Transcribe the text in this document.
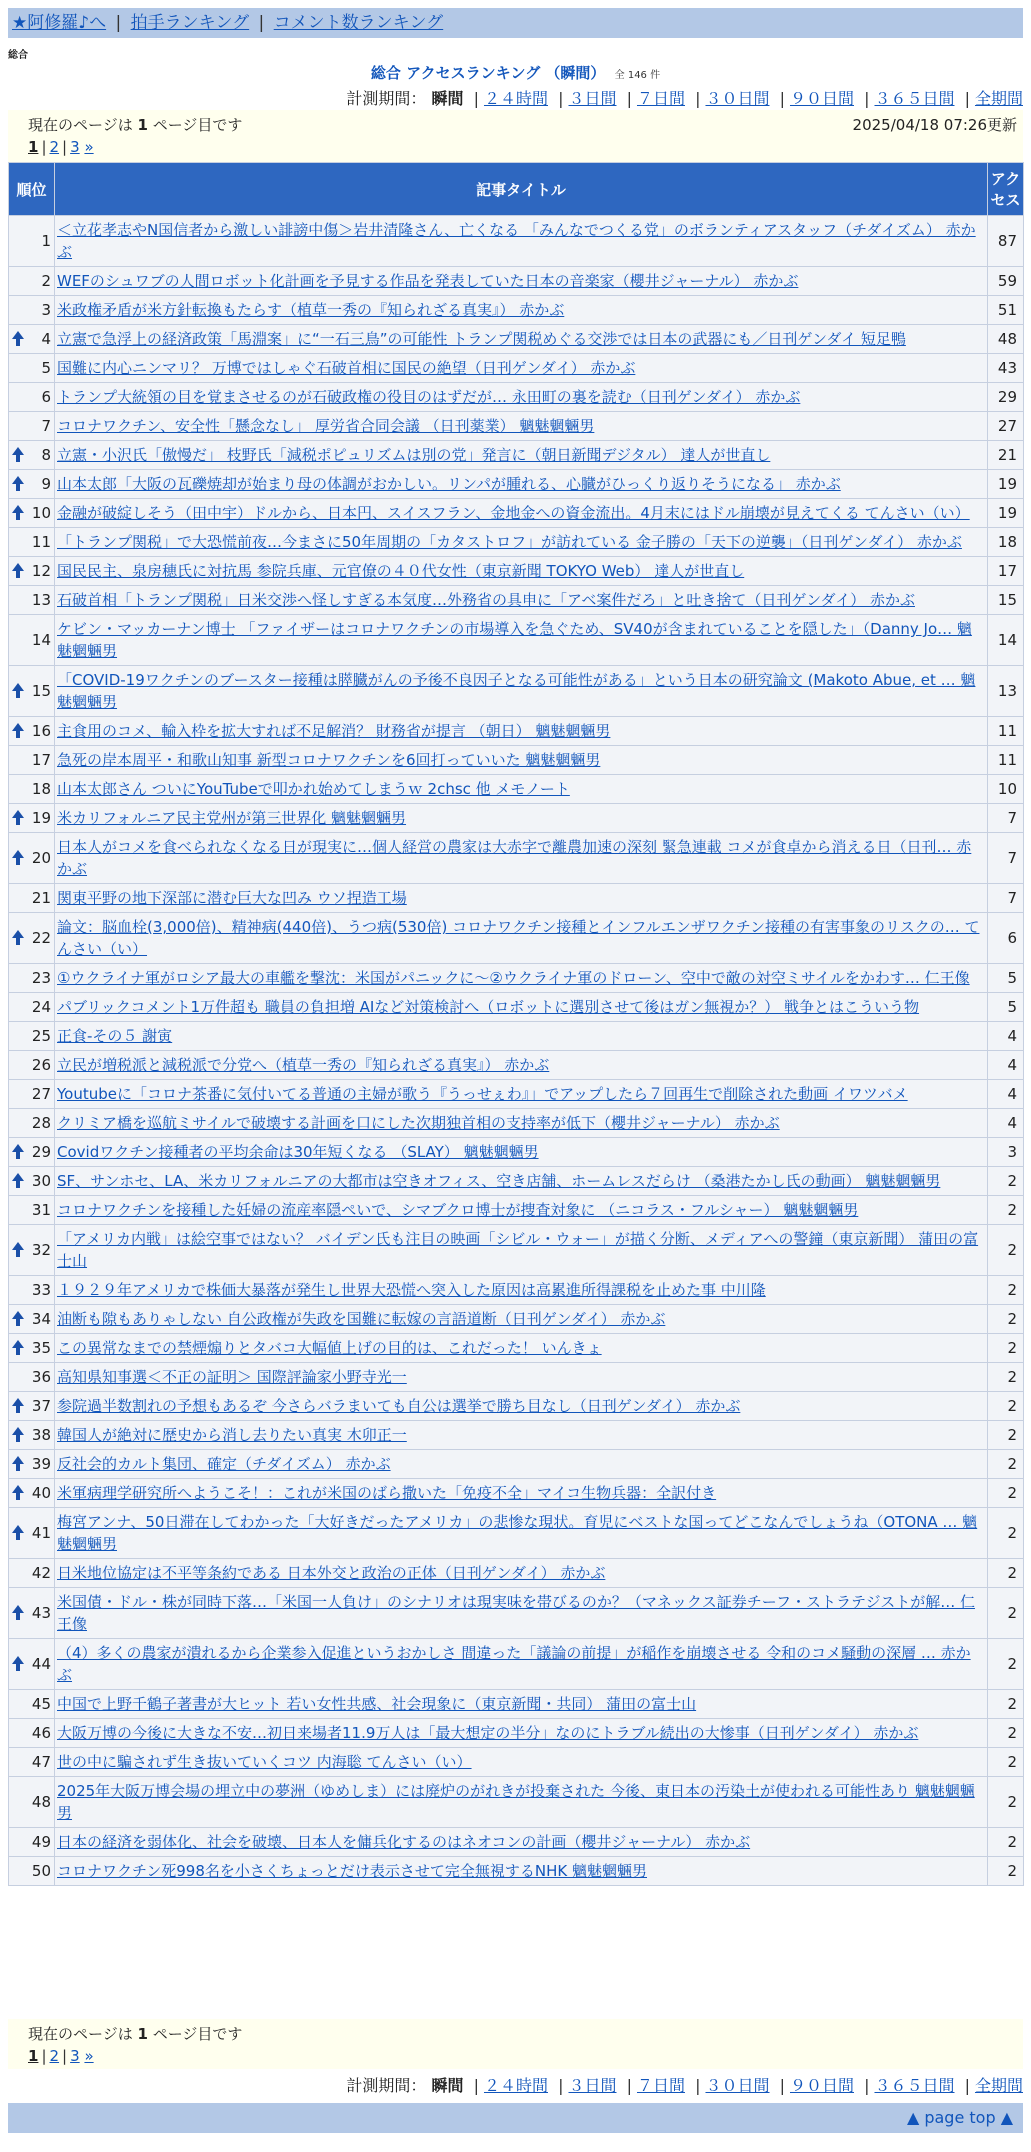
★阿修羅♪へ | 拍手ランキング | コメント数ランキング
総合
総合 アクセスランキング （瞬間） 全 146 件
計測期間： 瞬間 | ２４時間 | ３日間 | ７日間 | ３０日間 | ９０日間 | ３６５日間 | 全期間
現在のページは 1 ページ目です
1 | 2 | 3 »
2025/04/18 07:26更新
順位	記事タイトル	アクセス
1	＜立花孝志やN国信者から激しい誹謗中傷＞岩井清隆さん、亡くなる 「みんなでつくる党」のボランティアスタッフ（チダイズム） 赤かぶ	87
2	WEFのシュワブの人間ロボット化計画を予見する作品を発表していた日本の音楽家（櫻井ジャーナル） 赤かぶ	59
3	米政権矛盾が米方針転換もたらす（植草一秀の『知られざる真実』） 赤かぶ	51

4	立憲で急浮上の経済政策「馬淵案」に“一石三鳥”の可能性 トランプ関税めぐる交渉では日本の武器にも／日刊ゲンダイ 短足鴨	48
5	国難に内心ニンマリ？ 万博ではしゃぐ石破首相に国民の絶望（日刊ゲンダイ） 赤かぶ	43
6	トランプ大統領の目を覚まさせるのが石破政権の役目のはずだが… 永田町の裏を読む（日刊ゲンダイ） 赤かぶ	29
7	コロナワクチン、安全性「懸念なし」 厚労省合同会議 （日刊薬業） 魑魅魍魎男	27

8	立憲・小沢氏「傲慢だ」 枝野氏「減税ポピュリズムは別の党」発言に（朝日新聞デジタル） 達人が世直し	21

9	山本太郎「大阪の瓦礫焼却が始まり母の体調がおかしい。リンパが腫れる、心臓がひっくり返りそうになる」 赤かぶ	19

10	金融が破綻しそう（田中宇）ドルから、日本円、スイスフラン、金地金への資金流出。4月末にはドル崩壊が見えてくる てんさい（い）	19
11	「トランプ関税」で大恐慌前夜…今まさに50年周期の「カタストロフ」が訪れている 金子勝の「天下の逆襲」（日刊ゲンダイ） 赤かぶ	18

12	国民民主、泉房穂氏に対抗馬 参院兵庫、元官僚の４０代女性（東京新聞 TOKYO Web） 達人が世直し	17
13	石破首相「トランプ関税」日米交渉へ怪しすぎる本気度…外務省の具申に「アベ案件だろ」と吐き捨て（日刊ゲンダイ） 赤かぶ	15
14	ケビン・マッカーナン博士 「ファイザーはコロナワクチンの市場導入を急ぐため、SV40が含まれていることを隠した」（Danny Jo… 魑魅魍魎男	14

15	「COVID-19ワクチンのブースター接種は膵臓がんの予後不良因子となる可能性がある」という日本の研究論文 (Makoto Abue, et … 魑魅魍魎男	13

16	主食用のコメ、輸入枠を拡大すれば不足解消？ 財務省が提言 （朝日） 魑魅魍魎男	11
17	急死の岸本周平・和歌山知事 新型コロナワクチンを6回打っていいた 魑魅魍魎男	11
18	山本太郎さん ついにYouTubeで叩かれ始めてしまうｗ 2chsc 他 メモノート	10

19	米カリフォルニア民主党州が第三世界化 魑魅魍魎男	7

20	日本人がコメを食べられなくなる日が現実に…個人経営の農家は大赤字で離農加速の深刻 緊急連載 コメが食卓から消える日（日刊… 赤かぶ	7
21	関東平野の地下深部に潜む巨大な凹み ウソ捏造工場	7

22	論文：脳血栓(3,000倍)、精神病(440倍)、うつ病(530倍) コロナワクチン接種とインフルエンザワクチン接種の有害事象のリスクの… てんさい（い）	6
23	①ウクライナ軍がロシア最大の車艦を撃沈：米国がパニックに～②ウクライナ軍のドローン、空中で敵の対空ミサイルをかわす… 仁王像	5
24	パブリックコメント1万件超も 職員の負担増 AIなど対策検討へ（ロボットに選別させて後はガン無視か？） 戦争とはこういう物	5
25	正食-その５ 謝寅	4
26	立民が増税派と減税派で分党へ（植草一秀の『知られざる真実』） 赤かぶ	4
27	Youtubeに「コロナ茶番に気付いてる普通の主婦が歌う『うっせぇわ』」でアップしたら７回再生で削除された動画 イワツバメ	4
28	クリミア橋を巡航ミサイルで破壊する計画を口にした次期独首相の支持率が低下（櫻井ジャーナル） 赤かぶ	4

29	Covidワクチン接種者の平均余命は30年短くなる （SLAY） 魑魅魍魎男	3

30	SF、サンホセ、LA、米カリフォルニアの大都市は空きオフィス、空き店舗、ホームレスだらけ （桑港たかし氏の動画） 魑魅魍魎男	2
31	コロナワクチンを接種した妊婦の流産率隠ぺいで、シマブクロ博士が捜査対象に （ニコラス・フルシャー） 魑魅魍魎男	2

32	「アメリカ内戦」は絵空事ではない？ バイデン氏も注目の映画「シビル・ウォー」が描く分断、メディアへの警鐘（東京新聞） 蒲田の富士山	2
33	１９２９年アメリカで株価大暴落が発生し世界大恐慌へ突入した原因は高累進所得課税を止めた事 中川隆	2

34	油断も隙もありゃしない 自公政権が失政を国難に転嫁の言語道断（日刊ゲンダイ） 赤かぶ	2

35	この異常なまでの禁煙煽りとタバコ大幅値上げの目的は、これだった！ いんきょ	2
36	高知県知事選＜不正の証明＞ 国際評論家小野寺光一	2

37	参院過半数割れの予想もあるぞ 今さらバラまいても自公は選挙で勝ち目なし（日刊ゲンダイ） 赤かぶ	2

38	韓国人が絶対に歴史から消し去りたい真実 木卯正一	2

39	反社会的カルト集団、確定（チダイズム） 赤かぶ	2

40	米軍病理学研究所へようこそ！：これが米国のばら撒いた「免疫不全」マイコ生物兵器：全訳付き	2

41	梅宮アンナ、50日滞在してわかった「大好きだったアメリカ」の悲惨な現状。育児にベストな国ってどこなんでしょうね（OTONA … 魑魅魍魎男	2
42	日米地位協定は不平等条約である 日本外交と政治の正体（日刊ゲンダイ） 赤かぶ	2

43	米国債・ドル・株が同時下落…「米国一人負け」のシナリオは現実味を帯びるのか？（マネックス証券チーフ・ストラテジストが解… 仁王像	2

44	（4）多くの農家が潰れるから企業参入促進というおかしさ 間違った「議論の前提」が稲作を崩壊させる 令和のコメ騒動の深層 … 赤かぶ	2
45	中国で上野千鶴子著書が大ヒット 若い女性共感、社会現象に（東京新聞・共同） 蒲田の富士山	2
46	大阪万博の今後に大きな不安…初日来場者11.9万人は「最大想定の半分」なのにトラブル続出の大惨事（日刊ゲンダイ） 赤かぶ	2
47	世の中に騙されず生き抜いていくコツ 内海聡 てんさい（い）	2
48	2025年大阪万博会場の埋立中の夢洲（ゆめしま）には廃炉のがれきが投棄された 今後、東日本の汚染土が使われる可能性あり 魑魅魍魎男	2
49	日本の経済を弱体化、社会を破壊、日本人を傭兵化するのはネオコンの計画（櫻井ジャーナル） 赤かぶ	2
50	コロナワクチン死998名を小さくちょっとだけ表示させて完全無視するNHK 魑魅魍魎男	2
現在のページは 1 ページ目です
1 | 2 | 3 »
計測期間： 瞬間 | ２４時間 | ３日間 | ７日間 | ３０日間 | ９０日間 | ３６５日間 | 全期間
▲ page top ▲
